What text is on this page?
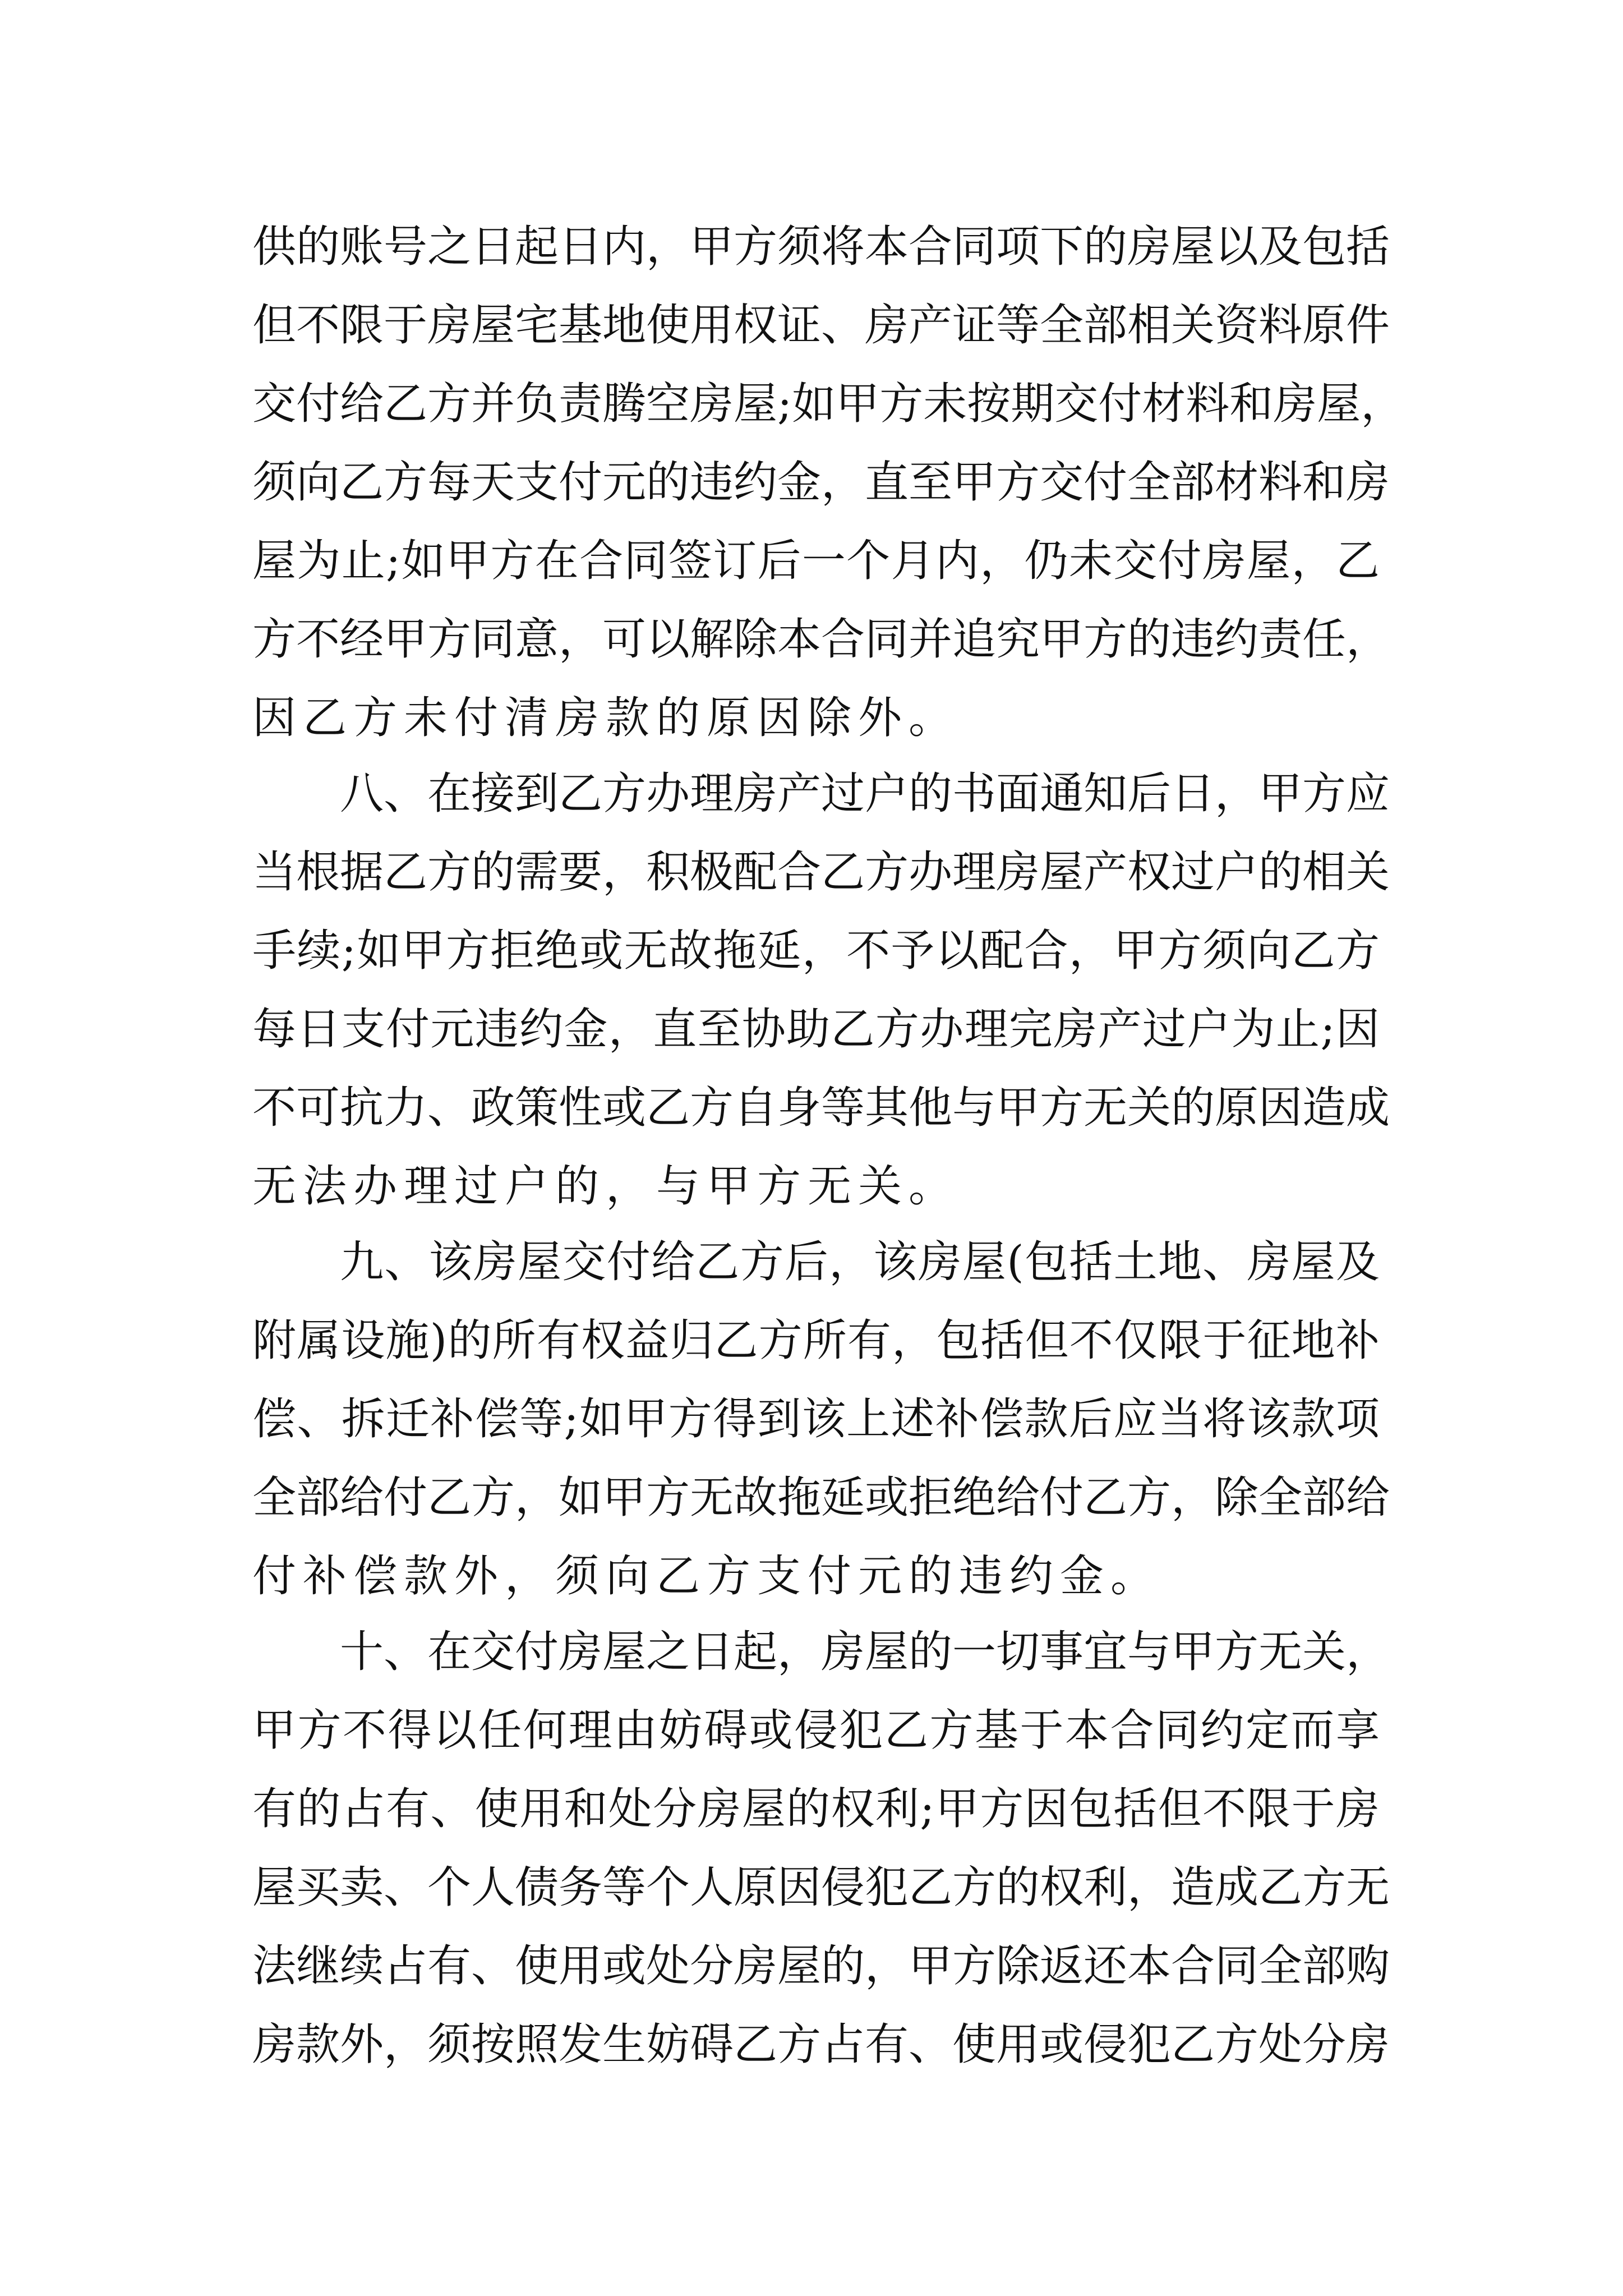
供的账号之日起日内，甲方须将本合同项下的房屋以及包括
但不限于房屋宅基地使用权证、房产证等全部相关资料原件
交付给乙方并负责腾空房屋;如甲方未按期交付材料和房屋，
须向乙方每天支付元的违约金，直至甲方交付全部材料和房
屋为止;如甲方在合同签订后一个月内，仍未交付房屋，乙
方不经甲方同意，可以解除本合同并追究甲方的违约责任，
因乙方未付清房款的原因除外。
八、在接到乙方办理房产过户的书面通知后日，甲方应
当根据乙方的需要，积极配合乙方办理房屋产权过户的相关
手续;如甲方拒绝或无故拖延，不予以配合，甲方须向乙方
每日支付元违约金，直至协助乙方办理完房产过户为止;因
不可抗力、政策性或乙方自身等其他与甲方无关的原因造成
无法办理过户的，与甲方无关。
九、该房屋交付给乙方后，该房屋(包括土地、房屋及
附属设施)的所有权益归乙方所有，包括但不仅限于征地补
偿、拆迁补偿等;如甲方得到该上述补偿款后应当将该款项
全部给付乙方，如甲方无故拖延或拒绝给付乙方，除全部给
付补偿款外，须向乙方支付元的违约金。
十、在交付房屋之日起，房屋的一切事宜与甲方无关，
甲方不得以任何理由妨碍或侵犯乙方基于本合同约定而享
有的占有、使用和处分房屋的权利;甲方因包括但不限于房
屋买卖、个人债务等个人原因侵犯乙方的权利，造成乙方无
法继续占有、使用或处分房屋的，甲方除返还本合同全部购
房款外，须按照发生妨碍乙方占有、使用或侵犯乙方处分房
